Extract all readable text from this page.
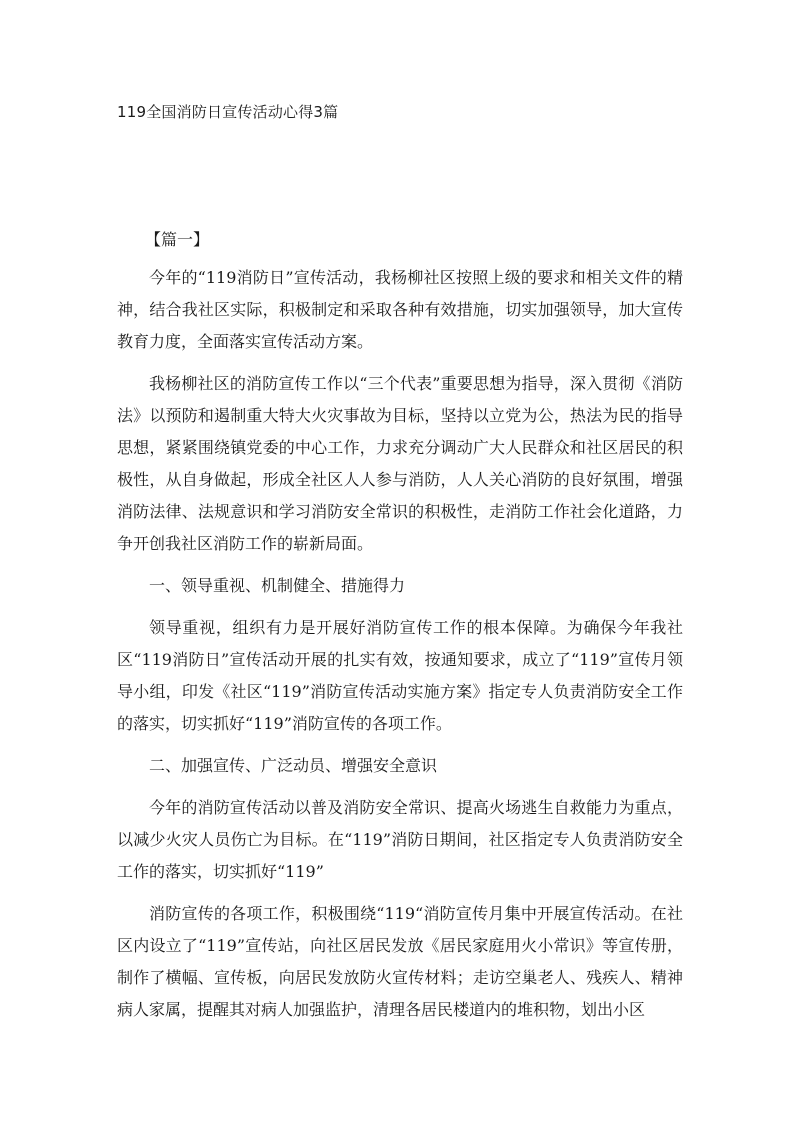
119全国消防日宣传活动心得3篇
【篇一】

今年的“119消防日”宣传活动，我杨柳社区按照上级的要求和相关文件的精神，结合我社区实际，积极制定和采取各种有效措施，切实加强领导，加大宣传教育力度，全面落实宣传活动方案。

我杨柳社区的消防宣传工作以“三个代表”重要思想为指导，深入贯彻《消防法》以预防和遏制重大特大火灾事故为目标，坚持以立党为公，热法为民的指导思想，紧紧围绕镇党委的中心工作，力求充分调动广大人民群众和社区居民的积极性，从自身做起，形成全社区人人参与消防，人人关心消防的良好氛围，增强消防法律、法规意识和学习消防安全常识的积极性，走消防工作社会化道路，力争开创我社区消防工作的崭新局面。

一、领导重视、机制健全、措施得力

领导重视，组织有力是开展好消防宣传工作的根本保障。为确保今年我社区“119消防日”宣传活动开展的扎实有效，按通知要求，成立了“119”宣传月领导小组，印发《社区“119”消防宣传活动实施方案》指定专人负责消防安全工作的落实，切实抓好“119”消防宣传的各项工作。

二、加强宣传、广泛动员、增强安全意识

今年的消防宣传活动以普及消防安全常识、提高火场逃生自救能力为重点，以减少火灾人员伤亡为目标。在“119”消防日期间，社区指定专人负责消防安全工作的落实，切实抓好“119”

消防宣传的各项工作，积极围绕“119“消防宣传月集中开展宣传活动。在社区内设立了“119”宣传站，向社区居民发放《居民家庭用火小常识》等宣传册，制作了横幅、宣传板，向居民发放防火宣传材料；走访空巢老人、残疾人、精神病人家属，提醒其对病人加强监护，清理各居民楼道内的堆积物，划出小区
